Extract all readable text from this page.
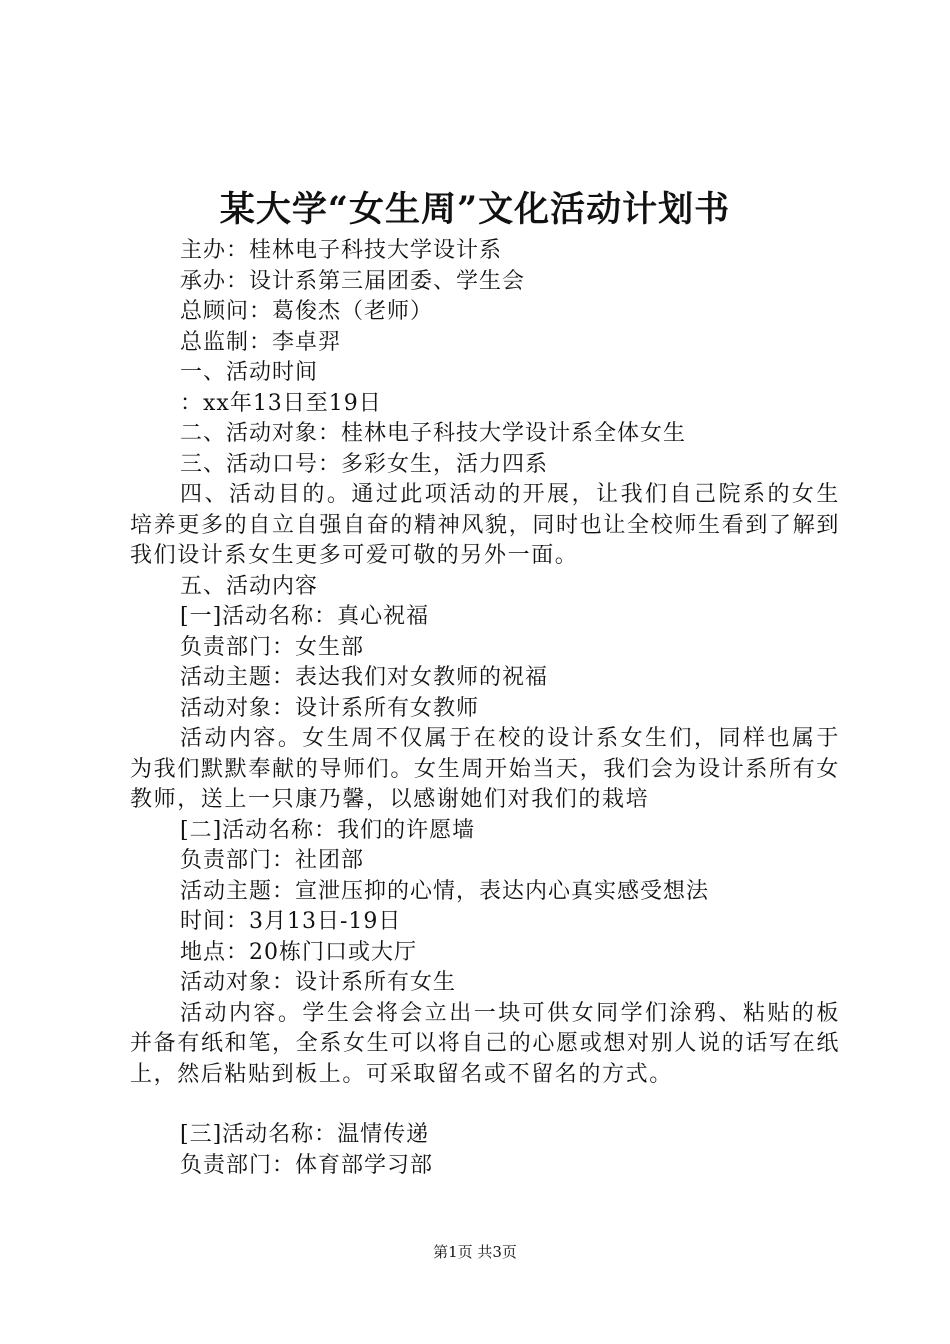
某大学“女生周”文化活动计划书
主办：桂林电子科技大学设计系
承办：设计系第三届团委、学生会
总顾问：葛俊杰（老师）
总监制：李卓羿
一、活动时间
：xx年13日至19日
二、活动对象：桂林电子科技大学设计系全体女生
三、活动口号：多彩女生，活力四系

四、活动目的。通过此项活动的开展，让我们自己院系的女生培养更多的自立自强自奋的精神风貌，同时也让全校师生看到了解到我们设计系女生更多可爱可敬的另外一面。

五、活动内容
[一]活动名称：真心祝福
负责部门：女生部
活动主题：表达我们对女教师的祝福
活动对象：设计系所有女教师

活动内容。女生周不仅属于在校的设计系女生们，同样也属于为我们默默奉献的导师们。女生周开始当天，我们会为设计系所有女教师，送上一只康乃馨，以感谢她们对我们的栽培

[二]活动名称：我们的许愿墙
负责部门：社团部
活动主题：宣泄压抑的心情，表达内心真实感受想法
时间：3月13日-19日
地点：20栋门口或大厅
活动对象：设计系所有女生

活动内容。学生会将会立出一块可供女同学们涂鸦、粘贴的板并备有纸和笔，全系女生可以将自己的心愿或想对别人说的话写在纸上，然后粘贴到板上。可采取留名或不留名的方式。

[三]活动名称：温情传递
负责部门：体育部学习部
第1页 共3页
